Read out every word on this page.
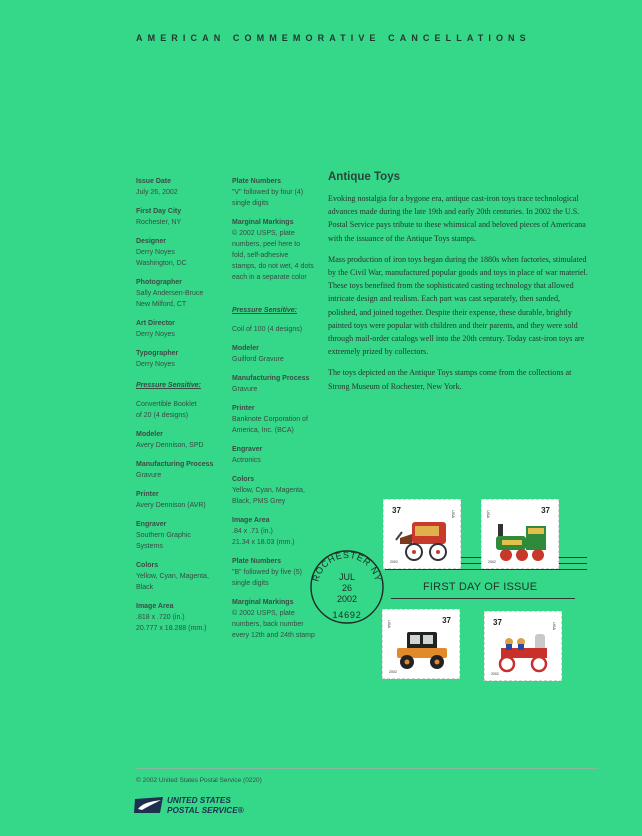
AMERICAN COMMEMORATIVE CANCELLATIONS
Issue Date
July 26, 2002
First Day City
Rochester, NY
Designer
Derry Noyes
Washington, DC
Photographer
Sally Andersen-Bruce
New Milford, CT
Art Director
Derry Noyes
Typographer
Derry Noyes
Pressure Sensitive:
Convertible Booklet
of 20 (4 designs)
Modeler
Avery Dennison, SPD
Manufacturing Process
Gravure
Printer
Avery Dennison (AVR)
Engraver
Southern Graphic
Systems
Colors
Yellow, Cyan, Magenta,
Black
Image Area
.818 x .720 (in.)
20.777 x 18.288 (mm.)
Plate Numbers
"V" followed by four (4)
single digits
Marginal Markings
© 2002 USPS, plate
numbers, peel here to
fold, self-adhesive
stamps, do not wet, 4 dots
each in a separate color
Pressure Sensitive:
Coil of 100 (4 designs)
Modeler
Guilford Gravure
Manufacturing Process
Gravure
Printer
Banknote Corporation of
America, Inc. (BCA)
Engraver
Actronics
Colors
Yellow, Cyan, Magenta,
Black, PMS Grey
Image Area
.84 x .71 (in.)
21.34 x 18.03 (mm.)
Plate Numbers
"B" followed by five (5)
single digits
Marginal Markings
© 2002 USPS, plate
numbers, back number
every 12th and 24th stamp
Antique Toys

Evoking nostalgia for a bygone era, antique cast-iron toys trace technological advances made during the late 19th and early 20th centuries. In 2002 the U.S. Postal Service pays tribute to these whimsical and beloved pieces of Americana with the issuance of the Antique Toys stamps.

Mass production of iron toys began during the 1880s when factories, stimulated by the Civil War, manufactured popular goods and toys in place of war materiel. These toys benefited from the sophisticated casting technology that allowed intricate design and realism. Each part was cast separately, then sanded, polished, and joined together. Despite their expense, these durable, brightly painted toys were popular with children and their parents, and they were sold through mail-order catalogs well into the 20th century. Today cast-iron toys are extremely prized by collectors.

The toys depicted on the Antique Toys stamps come from the collections at Strong Museum of Rochester, New York.

37	USA
2002
37
USA
2002
37
USA
2002
37	USA
2002
ROCHESTER NY
JUL
26
2002
14692
FIRST DAY OF ISSUE
© 2002 United States Postal Service (0220)
UNITED STATES
POSTAL SERVICE®
